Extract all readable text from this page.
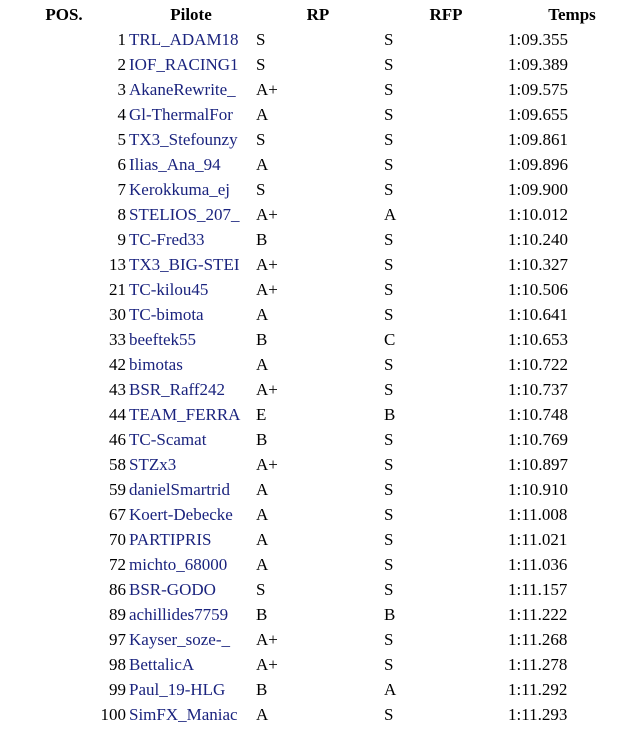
POS.	Pilote	RP	RFP	Temps
1 TRL_ADAM18	S	S	1:09.355
2 IOF_RACING1	S	S	1:09.389
3 AkaneRewrite_	A+	S	1:09.575
4 Gl-ThermalFor	A	S	1:09.655
5 TX3_Stefounzy	S	S	1:09.861
6 Ilias_Ana_94	A	S	1:09.896
7 Kerokkuma_ej	S	S	1:09.900
8 STELIOS_207_ A+	A	1:10.012
9 TC-Fred33	B	S	1:10.240
13 TX3_BIG-STEI A+	S	1:10.327
21 TC-kilou45	A+	S	1:10.506
30 TC-bimota	A	S	1:10.641
33 beeftek55	B	C	1:10.653
42 bimotas	A	S	1:10.722
43 BSR_Raff242	A+	S	1:10.737
44 TEAM_FERRA E	B	1:10.748
46 TC-Scamat	B	S	1:10.769
58 STZx3	A+	S	1:10.897
59 danielSmartrid	A	S	1:10.910
67 Koert-Debecke	A	S	1:11.008
70 PARTIPRIS	A	S	1:11.021
72 michto_68000	A	S	1:11.036
86 BSR-GODO	S	S	1:11.157
89 achillides7759	B	B	1:11.222
97 Kayser_soze-_	A+	S	1:11.268
98 BettalicA	A+	S	1:11.278
99 Paul_19-HLG	B	A	1:11.292
100 SimFX_Maniac	A	S	1:11.293
